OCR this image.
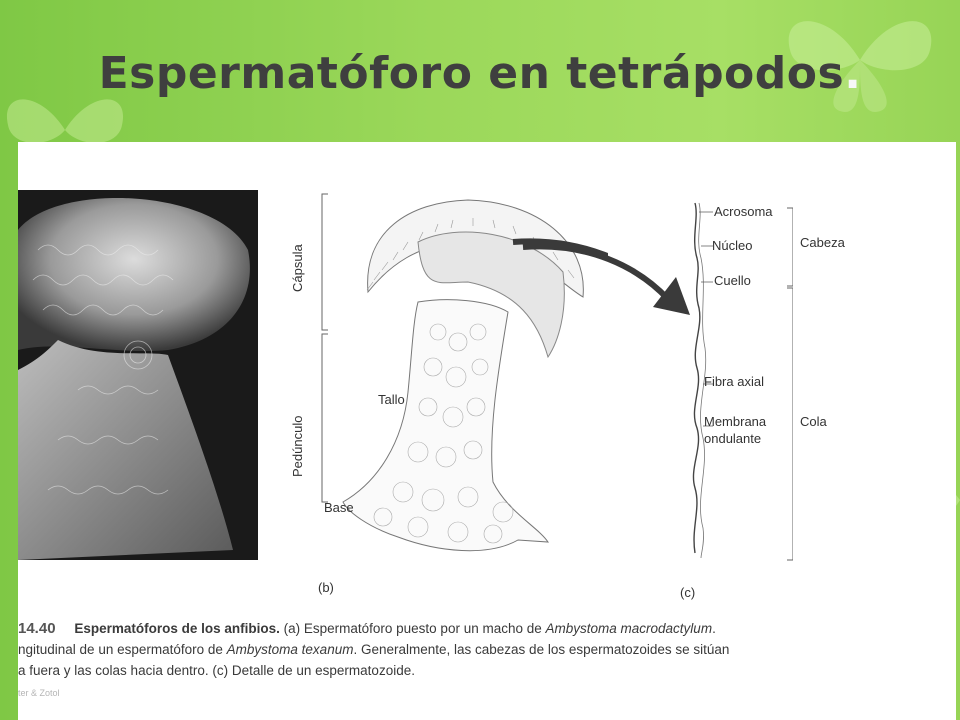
Espermatóforo en tetrápodos.
Cápsula
Pedúnculo
Tallo
Base
(b)	(c)
Acrosoma
Núcleo
Cuello
Cabeza
Fibra axial
Membrana
ondulante
Cola

14.40 Espermatóforos de los anfibios. (a) Espermatóforo puesto por un macho de Ambystoma macrodactylum.

ngitudinal de un espermatóforo de Ambystoma texanum. Generalmente, las cabezas de los espermatozoides se sitúan

a fuera y las colas hacia dentro. (c) Detalle de un espermatozoide.

ter & Zotol
